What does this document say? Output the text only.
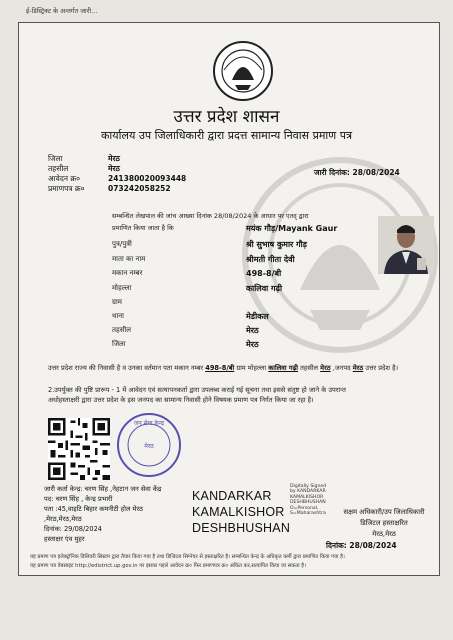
ई-डिस्ट्रिक्ट के अन्तर्गत जारी...
उत्तर प्रदेश शासन
कार्यालय उप जिलाधिकारी द्वारा प्रदत्त सामान्य निवास प्रमाण पत्र
जिला
तहसील
आवेदन क्र०
प्रमाणपत्र क्र०
मेरठ
मेरठ
241380020093448
073242058252
जारी दिनांक: 28/08/2024
सम्बन्धित लेखपाल की जांच आख्या दिनांक 28/08/2024 के आधार पर एतद् द्वारा
प्रमाणित किया जाता है कि	मयंक गौड़/Mayank Gaur
पुत्र/पुत्री
माता का नाम
मकान नम्बर
मोहल्ला
ग्राम
थाना
तहसील
जिला
श्री सुभाष कुमार गौड़
श्रीमती गीता देवी
498-8/बी
कालिवा गढ़ी
मेडीकल
मेरठ
मेरठ
उत्तर प्रदेश राज्य की निवासी है व उनका वर्तमान पता मकान नम्बर 498-8/बी ग्राम मोहल्ला कालिवा गढ़ी तहसील मेरठ ,जनपद मेरठ उत्तर प्रदेश है।
2.उपर्युक्त की पुष्टि प्रारूप - 1 में आवेदन एवं सत्यापनकर्ता द्वारा उपलब्ध कराई गई सूचना तथा इससे संतुष्ट हो जाने के उपरान्त
अधोहस्ताक्षरी द्वारा उत्तर प्रदेश के इस जनपद का सामान्य निवासी होने विषयक प्रमाण पत्र निर्गत किया जा रहा है।
जन सेवा केन्द्र
मेरठ
जारी कर्ता केन्द्र: चरण सिंह ,नेहटान जन सेवा केंद्र
पद: चरण सिंह , केन्द्र प्रभारी
पता :45,वाइटि बिहार कमनीटी होल मेरठ
,मेरठ,मेरठ,मेरठ
दिनांक: 29/08/2024
हस्ताक्षर एंव मुहर
KANDARKAR
KAMALKISHOR
DESHBHUSHAN
Digitally Signed
by KANDARKAR
KAMALKISHOR
DESHBHUSHAN
O=Personal,
S=Maharashtra	सक्षम अधिकारी/उप जिलाधिकारी
डिजिटल हस्ताक्षरित
मेरठ,मेरठ
दिनांक: 28/08/2024
यह प्रमाण पत्र इलेक्ट्रॉनिक डिलिवरी सिस्टम द्वारा तैयार किया गया है तथा डिजिटल सिग्नेचर से हस्ताक्षरित है। सम्बन्धित केन्द्र के अधिकृत कर्मी द्वारा प्रमाणित किया गया है।
यह प्रमाण पत्र वेबसाइट http://edistrict.up.gov.in पर इसका पहले आवेदन क्र० फिर प्रमाणपत्र क्र० अंकित कर,सत्यापित किया जा सकता है।
